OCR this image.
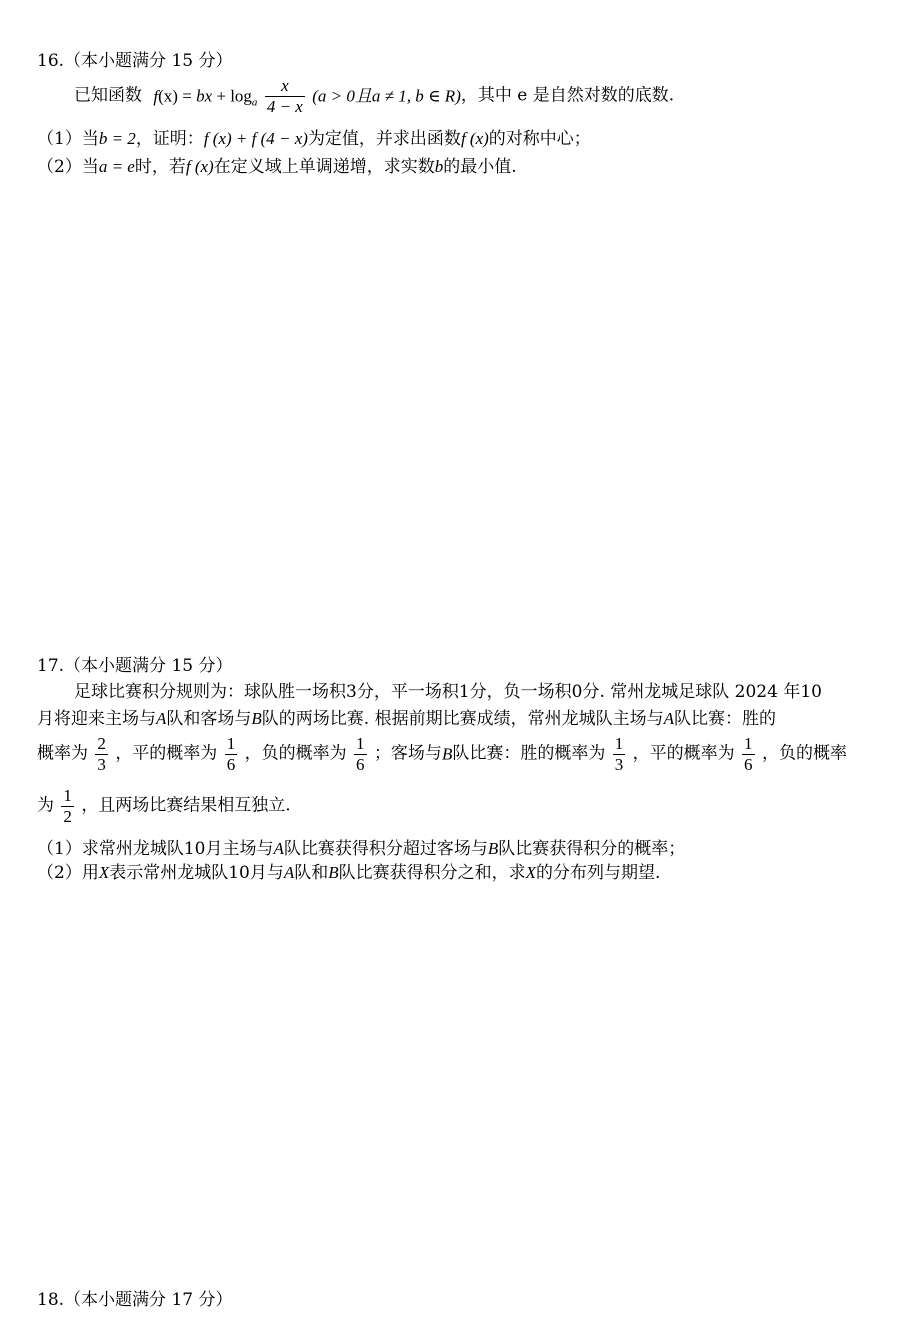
16.（本小题满分 15 分）
已知函数 f(x) = bx + $\log_a \frac{x}{4 - x} (a > 0$且a ≠ 1, b ∈ R)，其中 e 是自然对数的底数.
（1）当b = 2，证明：f (x) + f (4 − x)为定值，并求出函数f (x)的对称中心；
（2）当a = e时，若f (x)在定义域上单调递增，求实数b的最小值.
17.（本小题满分 15 分）
足球比赛积分规则为：球队胜一场积3分，平一场积1分，负一场积0分. 常州龙城足球队 2024 年10
月将迎来主场与A队和客场与B队的两场比赛. 根据前期比赛成绩，常州龙城队主场与A队比赛：胜的
概率为 $\frac{2}{3}$ ，平的概率为 $\frac{1}{6}$ ，负的概率为 $\frac{1}{6}$ ；客场与B队比赛：胜的概率为 $\frac{1}{3}$ ，平的概率为 $\frac{1}{6}$ ，负的概率
为 $\frac{1}{2}$ ，且两场比赛结果相互独立.
（1）求常州龙城队10月主场与A队比赛获得积分超过客场与B队比赛获得积分的概率；
（2）用X表示常州龙城队10月与A队和B队比赛获得积分之和，求X的分布列与期望.
18.（本小题满分 17 分）
